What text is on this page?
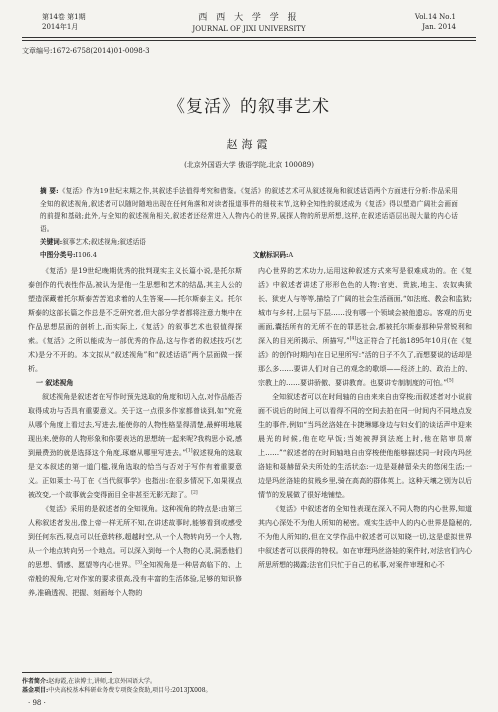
第14卷 第1期
2014年1月
西 西 大 学 学 报
JOURNAL OF JIXI UNIVERSITY
Vol.14 No.1
Jan. 2014
文章编号:1672-6758(2014)01-0098-3
《复活》的叙事艺术
赵海霞
(北京外国语大学 俄语学院,北京 100089)
摘 要:《复活》作为19世纪末期之作,其叙述手法值得考究和借鉴。《复活》的叙述艺术可从叙述视角和叙述话语两个方面进行分析:作品采用全知的叙述视角,叙述者可以随时随地出现在任何角落和对读者报道事件的细枝末节,这种全知性的叙述成为《复活》得以塑造广阔社会画面的前提和基础;此外,与全知的叙述视角相关,叙述者还经常进入人物内心的世界,展探人物的所思所想,这样,在叙述话语层出现大量的内心话语。
关键词:叙事艺术;叙述视角;叙述话语
中图分类号:I106.4	文献标识码:A

《复活》是19世纪晚期优秀的批判现实主义长篇小说,是托尔斯泰创作的代表性作品,被认为是他一生思想和艺术的结晶,其主人公的塑造深藏着托尔斯泰苦苦追求着的人生答案——托尔斯泰主义。托尔斯泰的这部长篇之作总是不乏研究者,但大部分学者都将注意力集中在作品思想层面的剖析上,而实际上,《复活》的叙事艺术也很值得探索。《复活》之所以能成为一部优秀的作品,这与作者的叙述技巧(艺术)是分不开的。本文拟从“叙述视角”和“叙述话语”两个层面做一探析。

一 叙述视角

叙述视角是叙述者在写作时预先选取的角度和切入点,对作品能否取得成功与否具有重要意义。关于这一点很多作家都曾谈到,如“究竟从哪个角度上看过去,写进去,能使你的人物性格显得清楚,最鲜明地展现出来,使你的人物形象和你要表达的思想统一起来呢?我构思小说,感到最费劲的就是选择这个角度,琢磨从哪里写进去。”[1]叙述视角的选取是文本叙述的第一道门槛,视角选取的恰当与否对于写作有着重要意义。正如莱士·马丁在《当代叙事学》也指出:在很多情况下,如果视点被改变,一个故事就会变得面目全非甚至无影无踪了。[2]

《复活》采用的是叙述者的全知视角。这种视角的特点是:由第三人称叙述者发出,像上帝一样无所不知,在讲述故事时,能够看到或感受到任何东西,视点可以任意转移,超越时空,从一个人物转向另一个人物,从一个地点转向另一个地点。可以深入到每一个人物的心灵,洞悉他们的思想、情感、愿望等内心世界。[3]全知视角是一种居高临下的、上帝般的视角,它对作家的要求很高,没有丰富的生活体验,足够的知识修养,准确透视、把握、刻画每个人物的

内心世界的艺术功力,运用这种叙述方式来写是很难成功的。在《复活》中叙述者讲述了形形色色的人物:官吏、贵族,地主、农奴典狱长、狱吏人与等等,描绘了广阔的社会生活画面,“如法庭、教会和监狱;城市与乡村,上层与下层……没有哪一个领域会被他遗忘。客观的历史画面,囊括所有的无所不在的罪恶社会,都被托尔斯泰那种异常锐利和深入的目光所揭示、所描写,”[4]这正符合了托翁1895年10月(在《复活》的创作时期内)在日记里所写:“活的日子不久了,而想要说的话却是那么多……要讲人们对自己的观念的歌颂——经济上的、政治上的、宗教上的……要讲骄傲、要讲教育。也要讲专制制度的可怕。”[5]

全知叙述者可以在时间轴的自由来来自由穿梭;而叙述者对小说前面不说后的时间上可以看得不同的空间去拍在同一时间内不同地点发生的事件,例如“当玛丝洛娃在卡捷琳娜身边与妇女们的谈话声中迎来晨光的时候,他在吃早饭;当她被押到法庭上时,他在陪审员席上……”“叙述者的在时间轴地自由穿梭使他能够描述同一时段内玛丝洛娃和聂赫留朵夫所处的生活状态:一边是聂赫留朵夫的悠闲生活;一边是玛丝洛娃的贫贱乡里,骑在高高的群体英上。这种天壤之别为以后情节的发展做了很好地铺垫。

《复活》中叙述者的全知性表现在深入不同人物的内心世界,知道其内心深处不为他人所知的秘密。观实生活中人的内心世界是隐秘的,不为他人所知的,但在文学作品中叙述者可以知晓一切,这是虚拟世界中叙述者可以获得的特权。如在审理玛丝洛娃的案件时,对法官们内心所思所想的揭露;法官们只忙于自己的私事,对案件审理和心不

作者简介:赵海霞,在读博士,讲师,北京外国语大学。
基金项目:中央高校基本科研业务费专项资金资助,项目号:2013JX008。
· 98 ·
